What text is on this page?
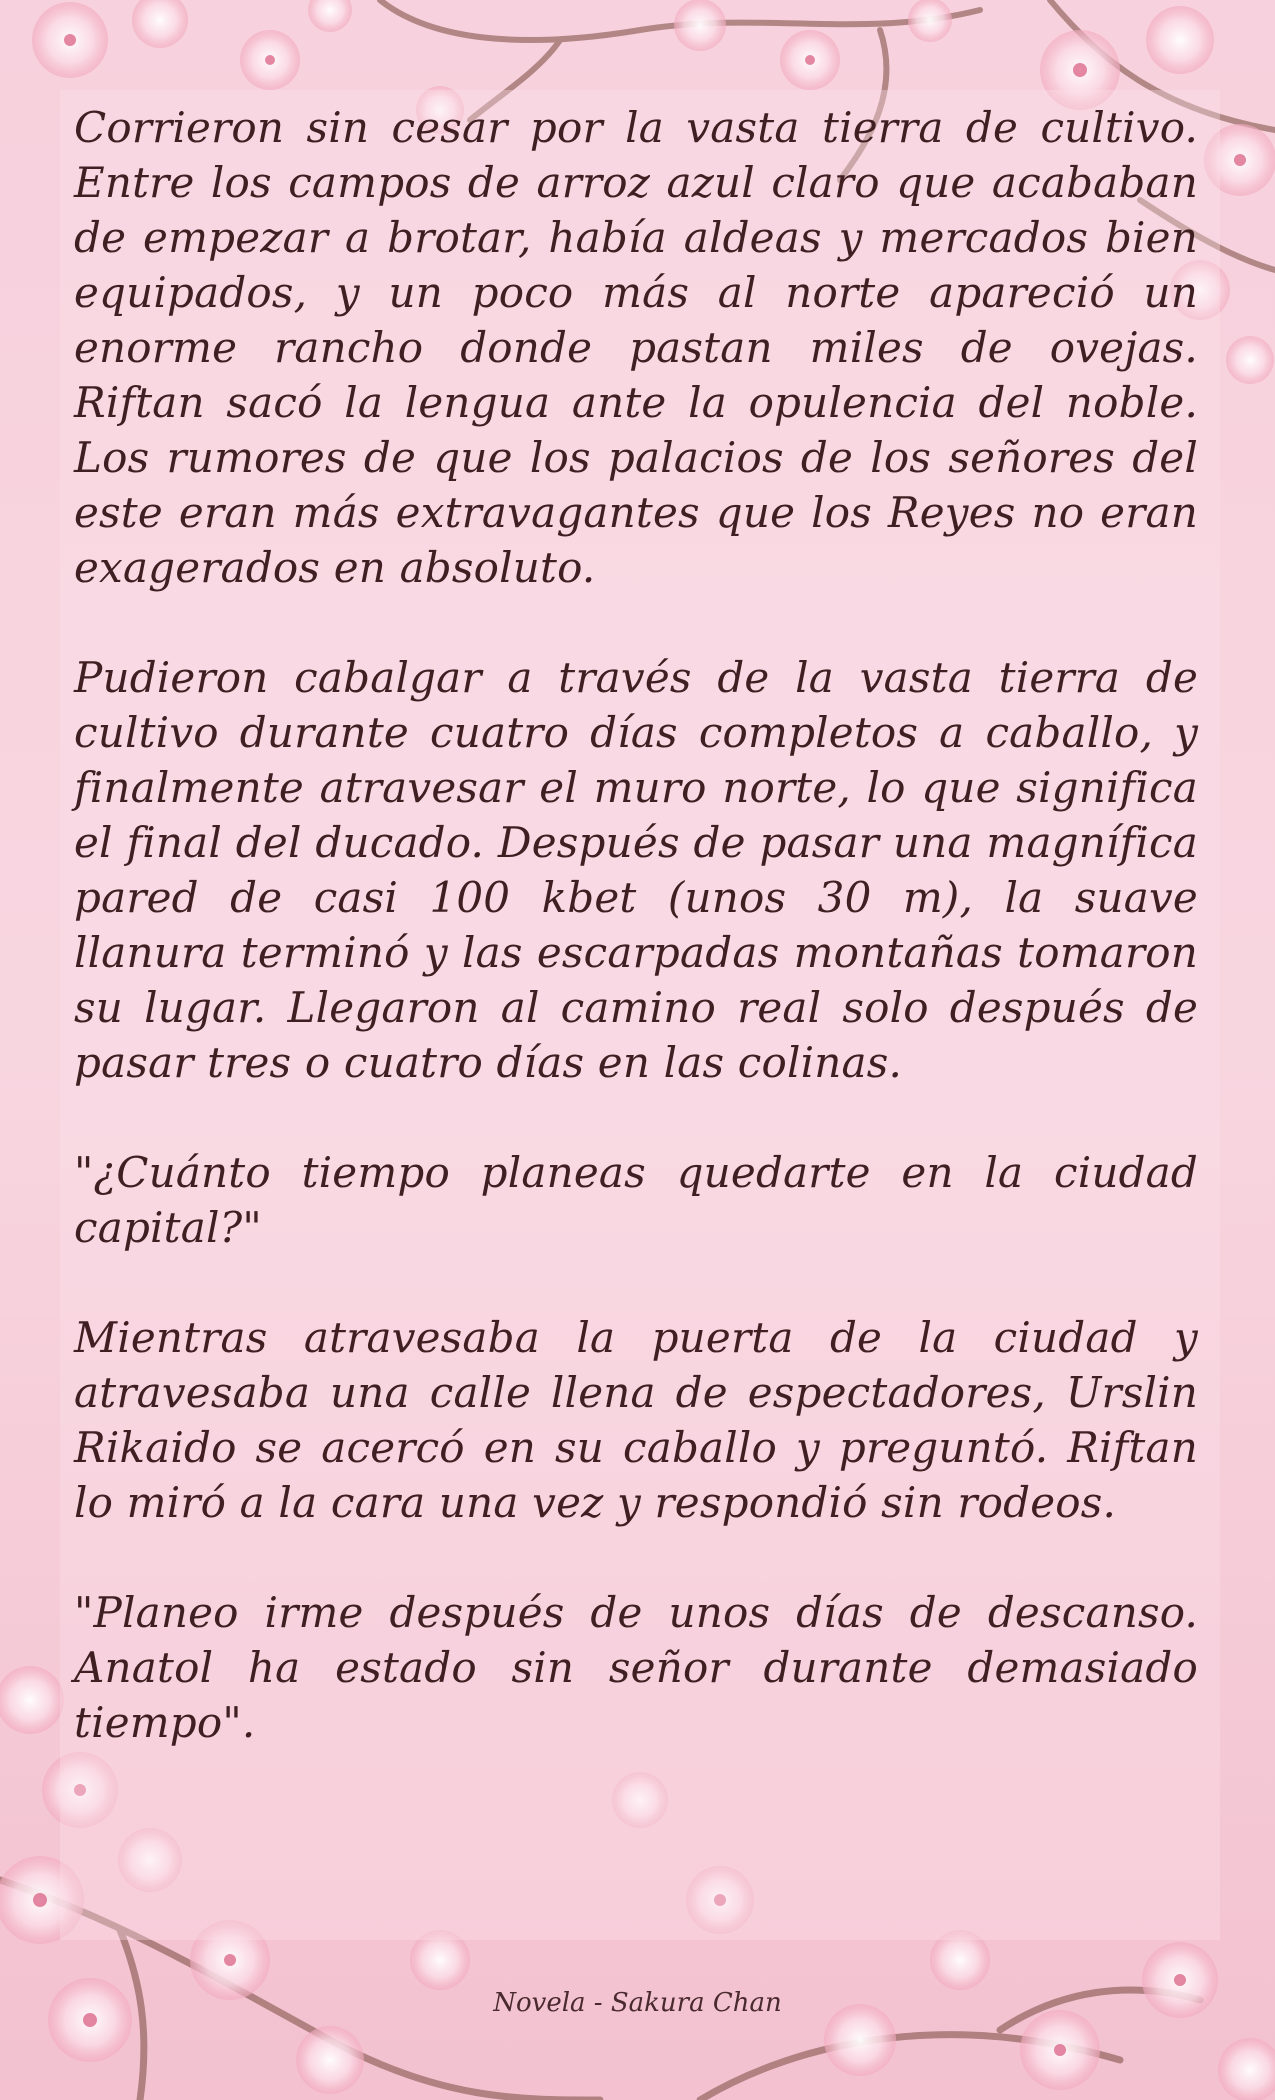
Corrieron sin cesar por la vasta tierra de cultivo. Entre los campos de arroz azul claro que acababan de empezar a brotar, había aldeas y mercados bien equipados, y un poco más al norte apareció un enorme rancho donde pastan miles de ovejas. Riftan sacó la lengua ante la opulencia del noble. Los rumores de que los palacios de los señores del este eran más extravagantes que los Reyes no eran exagerados en absoluto.

Pudieron cabalgar a través de la vasta tierra de cultivo durante cuatro días completos a caballo, y finalmente atravesar el muro norte, lo que significa el final del ducado. Después de pasar una magnífica pared de casi 100 kbet (unos 30 m), la suave llanura terminó y las escarpadas montañas tomaron su lugar. Llegaron al camino real solo después de pasar tres o cuatro días en las colinas.

"¿Cuánto tiempo planeas quedarte en la ciudad capital?"

Mientras atravesaba la puerta de la ciudad y atravesaba una calle llena de espectadores, Urslin Rikaido se acercó en su caballo y preguntó. Riftan lo miró a la cara una vez y respondió sin rodeos.

"Planeo irme después de unos días de descanso. Anatol ha estado sin señor durante demasiado tiempo".

Novela - Sakura Chan
